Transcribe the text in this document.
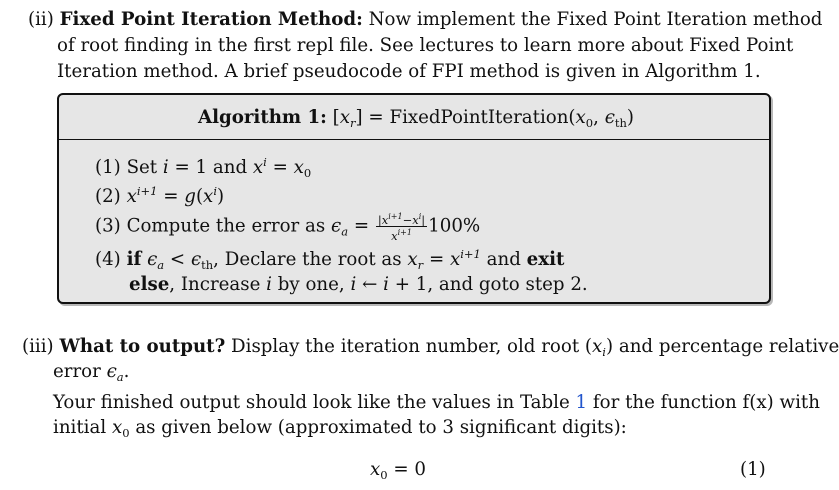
(ii) Fixed Point Iteration Method: Now implement the Fixed Point Iteration method
of root finding in the first repl file. See lectures to learn more about Fixed Point
Iteration method. A brief pseudocode of FPI method is given in Algorithm 1.
Algorithm 1: $[x_r]$ = $FixedPointIteration(x_0$, $\epsilon_{th}$)
(1) Set i = 1 and $x^i = x_0$
(2) $x^{i+1} = g(x^i)$
(3) Compute the error as $\epsilon_a = \frac{|x^{i+1}-x^i|}{x^{i+1}} 100\%$
(4) if $\epsilon_a < \epsilon_{th}$, Declare the root as $x_r = x^{i+1}$ and exit
else, Increase i by one, i ← i + 1, and goto step 2.
(iii) What to output? Display the iteration number, old root $(x_i)$ and percentage relative
error $\epsilon_a$.
Your finished output should look like the values in Table 1 for the function f(x) with
initial $x_0$ as given below (approximated to 3 significant digits):
$x_0 = 0$	(1)
